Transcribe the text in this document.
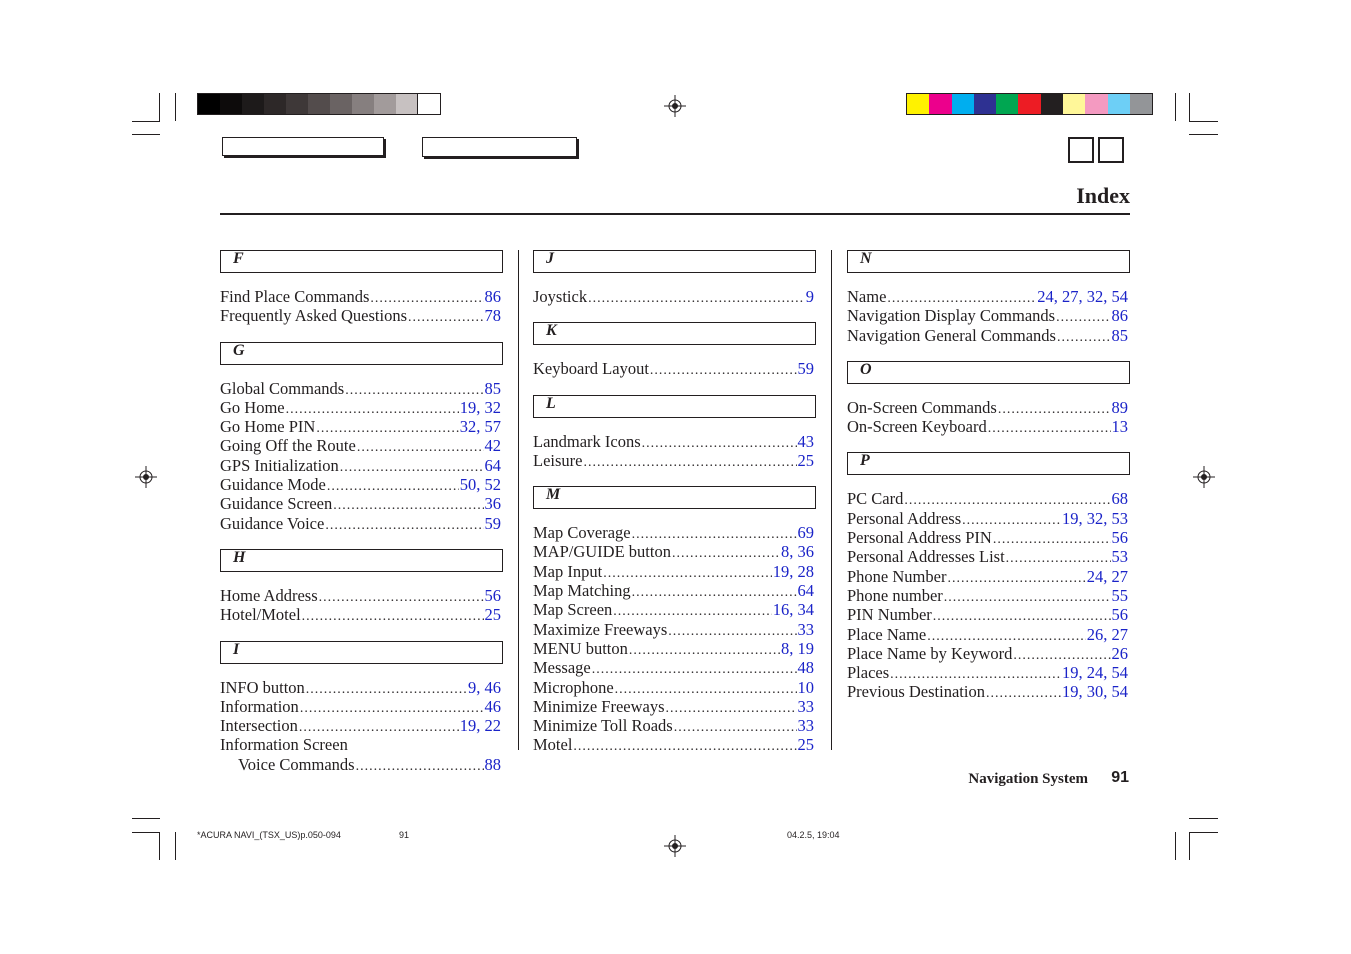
Index
F
Find Place Commands .....	86
Frequently Asked Questions .....	78
G
Global Commands .....	85
Go Home .....	19, 32
Go Home PIN .....	32, 57
Going Off the Route .....	42
GPS Initialization .....	64
Guidance Mode .....	50, 52
Guidance Screen .....	36
Guidance Voice .....	59
H
Home Address .....	56
Hotel/Motel .....	25
I
INFO button .....	9, 46
Information .....	46
Intersection .....	19, 22
Information Screen
Voice Commands .....	88
J
Joystick .....	9
K
Keyboard Layout .....	59
L
Landmark Icons .....	43
Leisure .....	25
M
Map Coverage .....	69
MAP/GUIDE button .....	8, 36
Map Input .....	19, 28
Map Matching .....	64
Map Screen .....	16, 34
Maximize Freeways .....	33
MENU button .....	8, 19
Message .....	48
Microphone .....	10
Minimize Freeways .....	33
Minimize Toll Roads .....	33
Motel .....	25
N
Name .....	24, 27, 32, 54
Navigation Display Commands .....	86
Navigation General Commands .....	85
O
On-Screen Commands .....	89
On-Screen Keyboard .....	13
P
PC Card .....	68
Personal Address .....	19, 32, 53
Personal Address PIN .....	56
Personal Addresses List .....	53
Phone Number .....	24, 27
Phone number .....	55
PIN Number .....	56
Place Name .....	26, 27
Place Name by Keyword .....	26
Places .....	19, 24, 54
Previous Destination .....	19, 30, 54
Navigation System 91
*ACURA NAVI_(TSX_US)p.050-094	91	04.2.5, 19:04
